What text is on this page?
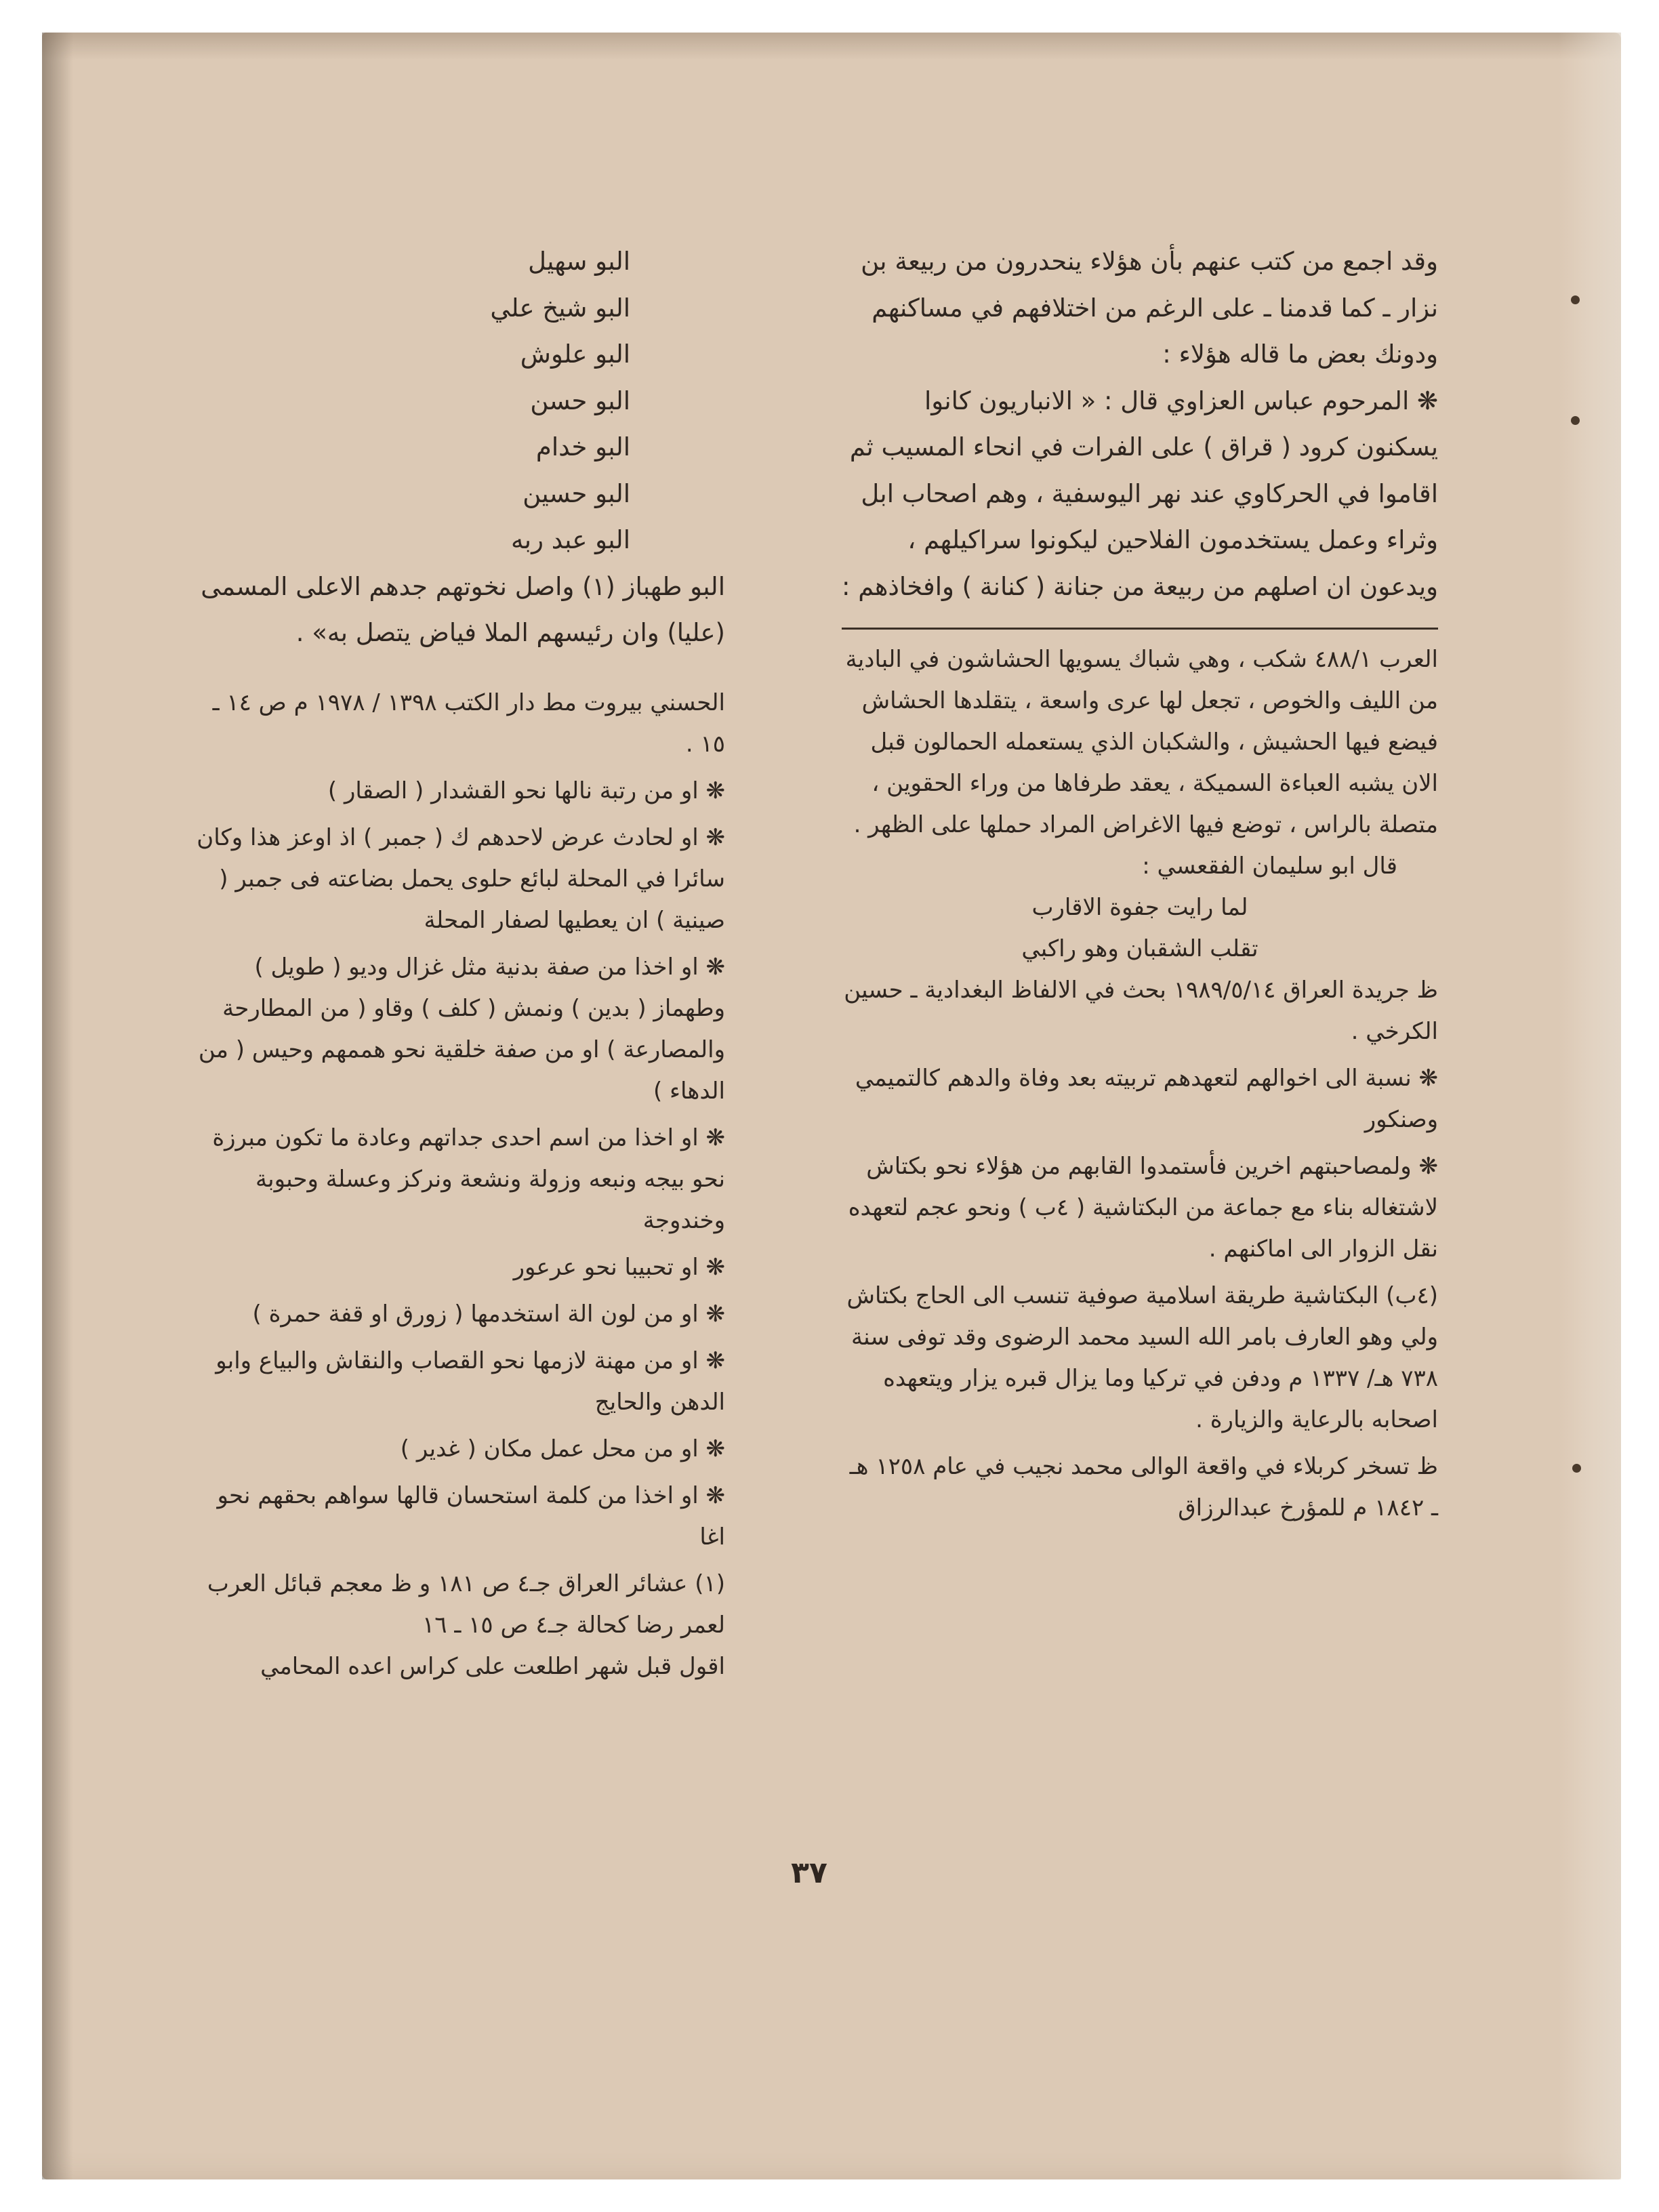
وقد اجمع من كتب عنهم بأن هؤلاء ينحدرون من ربيعة بن نزار ـ كما قدمنا ـ على الرغم من اختلافهم في مساكنهم ودونك بعض ما قاله هؤلاء :

❋ المرحوم عباس العزاوي قال : « الانباريون كانوا يسكنون كرود ( قراق ) على الفرات في انحاء المسيب ثم اقاموا في الحركاوي عند نهر اليوسفية ، وهم اصحاب ابل وثراء وعمل يستخدمون الفلاحين ليكونوا سراكيلهم ، ويدعون ان اصلهم من ربيعة من جنانة ( كنانة ) وافخاذهم :

العرب ٤٨٨/١ شكب ، وهي شباك يسويها الحشاشون في البادية من الليف والخوص ، تجعل لها عرى واسعة ، يتقلدها الحشاش فيضع فيها الحشيش ، والشكبان الذي يستعمله الحمالون قبل الان يشبه العباءة السميكة ، يعقد طرفاها من وراء الحقوين ، متصلة بالراس ، توضع فيها الاغراض المراد حملها على الظهر .

قال ابو سليمان الفقعسي :

لما رايت جفوة الاقارب

تقلب الشقبان وهو راكبي

ظ جريدة العراق ١٩٨٩/٥/١٤ بحث في الالفاظ البغدادية ـ حسين الكرخي .

❋ نسبة الى اخوالهم لتعهدهم تربيته بعد وفاة والدهم كالتميمي وصنكور

❋ ولمصاحبتهم اخرين فأستمدوا القابهم من هؤلاء نحو بكتاش لاشتغاله بناء مع جماعة من البكتاشية ( ٤ب ) ونحو عجم لتعهده نقل الزوار الى اماكنهم .

(٤ب) البكتاشية طريقة اسلامية صوفية تنسب الى الحاج بكتاش ولي وهو العارف بامر الله السيد محمد الرضوى وقد توفى سنة ٧٣٨ هـ/ ١٣٣٧ م ودفن في تركيا وما يزال قبره يزار ويتعهده اصحابه بالرعاية والزيارة .

ظ تسخر كربلاء في واقعة الوالى محمد نجيب في عام ١٢٥٨ هـ ـ ١٨٤٢ م للمؤرخ عبدالرزاق

البو سهيل

البو شيخ علي

البو علوش

البو حسن

البو خدام

البو حسين

البو عبد ربه

البو طهباز (١) واصل نخوتهم جدهم الاعلى المسمى (عليا) وان رئيسهم الملا فياض يتصل به» .

الحسني بيروت مط دار الكتب ١٣٩٨ / ١٩٧٨ م ص ١٤ ـ ١٥ .

❋ او من رتبة نالها نحو القشدار ( الصقار )

❋ او لحادث عرض لاحدهم ك ( جمبر ) اذ اوعز هذا وكان سائرا في المحلة لبائع حلوى يحمل بضاعته فى جمبر ( صينية ) ان يعطيها لصفار المحلة

❋ او اخذا من صفة بدنية مثل غزال وديو ( طويل ) وطهماز ( بدين ) ونمش ( كلف ) وقاو ( من المطارحة والمصارعة ) او من صفة خلقية نحو هممهم وحيس ( من الدهاء )

❋ او اخذا من اسم احدى جداتهم وعادة ما تكون مبرزة نحو بيجه ونبعه وزولة ونشعة ونركز وعسلة وحبوبة وخندوجة

❋ او تحبيبا نحو عرعور

❋ او من لون الة استخدمها ( زورق او قفة حمرة )

❋ او من مهنة لازمها نحو القصاب والنقاش والبياع وابو الدهن والحايج

❋ او من محل عمل مكان ( غدير )

❋ او اخذا من كلمة استحسان قالها سواهم بحقهم نحو اغا

(١) عشائر العراق جـ٤ ص ١٨١ و ظ معجم قبائل العرب لعمر رضا كحالة جـ٤ ص ١٥ ـ ١٦

اقول قبل شهر اطلعت على كراس اعده المحامي

٣٧
